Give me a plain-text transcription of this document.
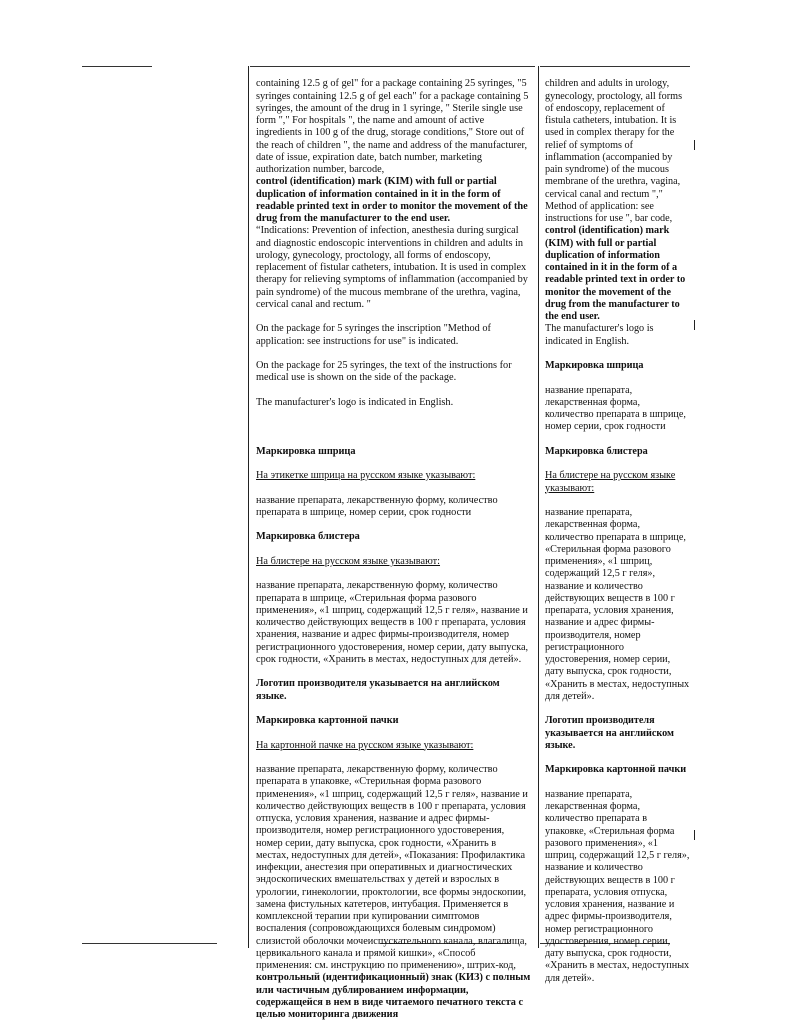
containing 12.5 g of gel" for a package containing 25 syringes, "5 syringes containing 12.5 g of gel each" for a package containing 5 syringes, the amount of the drug in 1 syringe, " Sterile single use form "," For hospitals ", the name and amount of active ingredients in 100 g of the drug, storage conditions," Store out of the reach of children ", the name and address of the manufacturer, date of issue, expiration date, batch number, marketing authorization number, barcode,
control (identification) mark (KIM) with full or partial duplication of information contained in it in the form of readable printed text in order to monitor the movement of the drug from the manufacturer to the end user.

“Indications: Prevention of infection, anesthesia during surgical and diagnostic endoscopic interventions in children and adults in urology, gynecology, proctology, all forms of endoscopy, replacement of fistular catheters, intubation. It is used in complex therapy for relieving symptoms of inflammation (accompanied by pain syndrome) of the mucous membrane of the urethra, vagina, cervical canal and rectum. "

On the package for 5 syringes the inscription "Method of application: see instructions for use" is indicated.

On the package for 25 syringes, the text of the instructions for medical use is shown on the side of the package.

The manufacturer's logo is indicated in English.

Маркировка шприца

На этикетке шприца на русском языке указывают:

название препарата, лекарственную форму, количество препарата в шприце, номер серии, срок годности

Маркировка блистера

На блистере на русском языке указывают:

название препарата, лекарственную форму, количество препарата в шприце, «Стерильная форма разового применения», «1 шприц, содержащий 12,5 г геля», название и количество действующих веществ в 100 г препарата, условия хранения, название и адрес фирмы-производителя, номер регистрационного удостоверения, номер серии, дату выпуска, срок годности, «Хранить в местах, недоступных для детей».

Логотип производителя указывается на английском языке.

Маркировка картонной пачки

На картонной пачке на русском языке указывают:

название препарата, лекарственную форму, количество препарата в упаковке, «Стерильная форма разового применения», «1 шприц, содержащий 12,5 г геля», название и количество действующих веществ в 100 г препарата, условия отпуска, условия хранения, название и адрес фирмы-производителя, номер регистрационного удостоверения, номер серии, дату выпуска, срок годности, «Хранить в местах, недоступных для детей», «Показания: Профилактика инфекции, анестезия при оперативных и диагностических эндоскопических вмешательствах у детей и взрослых в урологии, гинекологии, проктологии, все формы эндоскопии, замена фистульных катетеров, интубация. Применяется в комплексной терапии при купировании симптомов воспаления (сопровождающихся болевым синдромом) слизистой оболочки мочеиспускательного канала, влагалища, цервикального канала и прямой кишки», «Способ применения: см. инструкцию по применению», штрих-код,
контрольный (идентификационный) знак (КИЗ) с полным или частичным дублированием информации, содержащейся в нем в виде читаемого печатного текста с целью мониторинга движения

children and adults in urology, gynecology, proctology, all forms of endoscopy, replacement of fistula catheters, intubation. It is used in complex therapy for the relief of symptoms of inflammation (accompanied by pain syndrome) of the mucous membrane of the urethra, vagina, cervical canal and rectum "," Method of application: see instructions for use ", bar code,
control (identification) mark (KIM) with full or partial duplication of information contained in it in the form of a readable printed text in order to monitor the movement of the drug from the manufacturer to the end user.

The manufacturer's logo is indicated in English.

Маркировка шприца

название препарата, лекарственная форма, количество препарата в шприце, номер серии, срок годности

Маркировка блистера

На блистере на русском языке указывают:

название препарата, лекарственная форма, количество препарата в шприце, «Стерильная форма разового применения», «1 шприц, содержащий 12,5 г геля», название и количество действующих веществ в 100 г препарата, условия хранения, название и адрес фирмы-производителя, номер регистрационного удостоверения, номер серии, дату выпуска, срок годности, «Хранить в местах, недоступных для детей».

Логотип производителя указывается на английском языке.

Маркировка картонной пачки

название препарата, лекарственная форма, количество препарата в упаковке, «Стерильная форма разового применения», «1 шприц, содержащий 12,5 г геля», название и количество действующих веществ в 100 г препарата, условия отпуска, условия хранения, название и адрес фирмы-производителя, номер регистрационного удостоверения, номер серии, дату выпуска, срок годности, «Хранить в местах, недоступных для детей».
